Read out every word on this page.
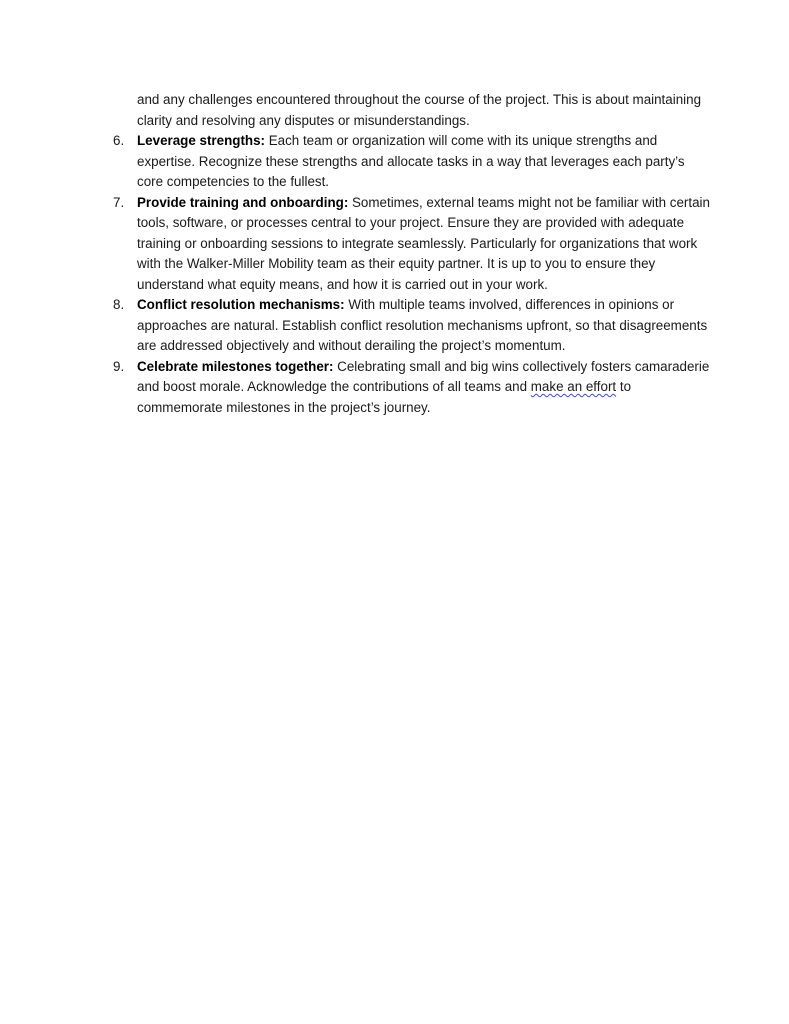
and any challenges encountered throughout the course of the project. This is about maintaining clarity and resolving any disputes or misunderstandings.

6. Leverage strengths: Each team or organization will come with its unique strengths and expertise. Recognize these strengths and allocate tasks in a way that leverages each party’s core competencies to the fullest.
7. Provide training and onboarding: Sometimes, external teams might not be familiar with certain tools, software, or processes central to your project. Ensure they are provided with adequate training or onboarding sessions to integrate seamlessly. Particularly for organizations that work with the Walker-Miller Mobility team as their equity partner. It is up to you to ensure they understand what equity means, and how it is carried out in your work.
8. Conflict resolution mechanisms: With multiple teams involved, differences in opinions or approaches are natural. Establish conflict resolution mechanisms upfront, so that disagreements are addressed objectively and without derailing the project’s momentum.
9. Celebrate milestones together: Celebrating small and big wins collectively fosters camaraderie and boost morale. Acknowledge the contributions of all teams and make an effort to commemorate milestones in the project’s journey.
